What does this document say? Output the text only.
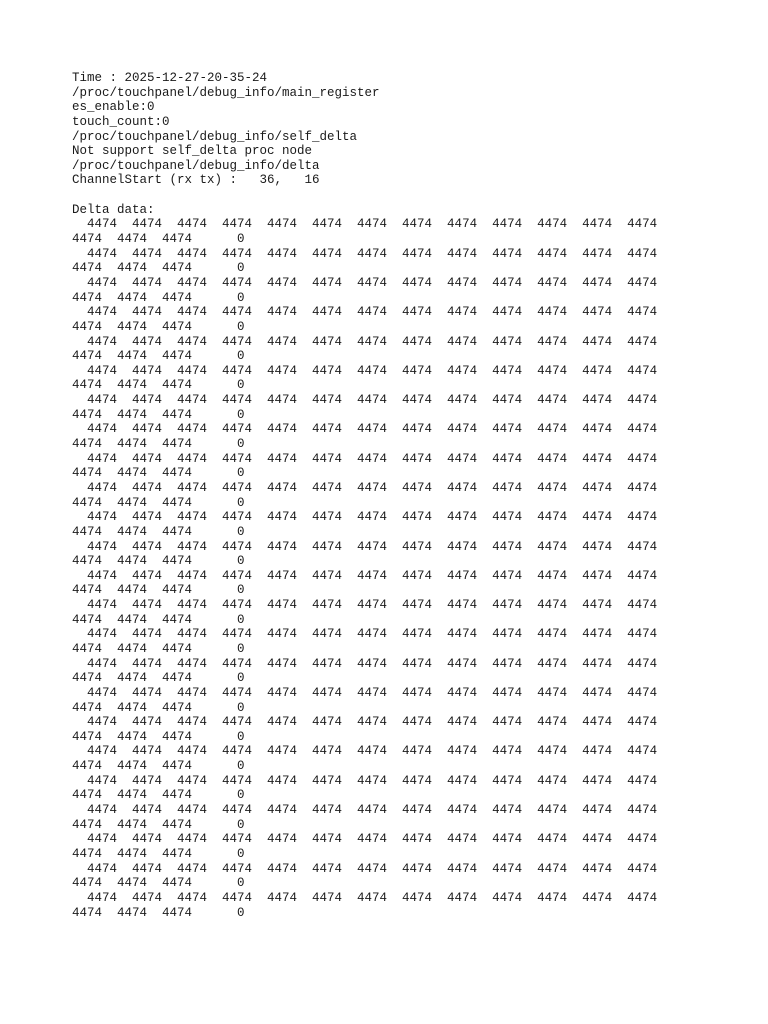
Time : 2025-12-27-20-35-24
/proc/touchpanel/debug_info/main_register
es_enable:0
touch_count:0
/proc/touchpanel/debug_info/self_delta
Not support self_delta proc node
/proc/touchpanel/debug_info/delta
ChannelStart (rx tx) :   36,   16
Delta data:
4474  4474  4474  4474  4474  4474  4474  4474  4474  4474  4474  4474  4474
4474  4474  4474      0
4474  4474  4474  4474  4474  4474  4474  4474  4474  4474  4474  4474  4474
4474  4474  4474      0
4474  4474  4474  4474  4474  4474  4474  4474  4474  4474  4474  4474  4474
4474  4474  4474      0
4474  4474  4474  4474  4474  4474  4474  4474  4474  4474  4474  4474  4474
4474  4474  4474      0
4474  4474  4474  4474  4474  4474  4474  4474  4474  4474  4474  4474  4474
4474  4474  4474      0
4474  4474  4474  4474  4474  4474  4474  4474  4474  4474  4474  4474  4474
4474  4474  4474      0
4474  4474  4474  4474  4474  4474  4474  4474  4474  4474  4474  4474  4474
4474  4474  4474      0
4474  4474  4474  4474  4474  4474  4474  4474  4474  4474  4474  4474  4474
4474  4474  4474      0
4474  4474  4474  4474  4474  4474  4474  4474  4474  4474  4474  4474  4474
4474  4474  4474      0
4474  4474  4474  4474  4474  4474  4474  4474  4474  4474  4474  4474  4474
4474  4474  4474      0
4474  4474  4474  4474  4474  4474  4474  4474  4474  4474  4474  4474  4474
4474  4474  4474      0
4474  4474  4474  4474  4474  4474  4474  4474  4474  4474  4474  4474  4474
4474  4474  4474      0
4474  4474  4474  4474  4474  4474  4474  4474  4474  4474  4474  4474  4474
4474  4474  4474      0
4474  4474  4474  4474  4474  4474  4474  4474  4474  4474  4474  4474  4474
4474  4474  4474      0
4474  4474  4474  4474  4474  4474  4474  4474  4474  4474  4474  4474  4474
4474  4474  4474      0
4474  4474  4474  4474  4474  4474  4474  4474  4474  4474  4474  4474  4474
4474  4474  4474      0
4474  4474  4474  4474  4474  4474  4474  4474  4474  4474  4474  4474  4474
4474  4474  4474      0
4474  4474  4474  4474  4474  4474  4474  4474  4474  4474  4474  4474  4474
4474  4474  4474      0
4474  4474  4474  4474  4474  4474  4474  4474  4474  4474  4474  4474  4474
4474  4474  4474      0
4474  4474  4474  4474  4474  4474  4474  4474  4474  4474  4474  4474  4474
4474  4474  4474      0
4474  4474  4474  4474  4474  4474  4474  4474  4474  4474  4474  4474  4474
4474  4474  4474      0
4474  4474  4474  4474  4474  4474  4474  4474  4474  4474  4474  4474  4474
4474  4474  4474      0
4474  4474  4474  4474  4474  4474  4474  4474  4474  4474  4474  4474  4474
4474  4474  4474      0
4474  4474  4474  4474  4474  4474  4474  4474  4474  4474  4474  4474  4474
4474  4474  4474      0
